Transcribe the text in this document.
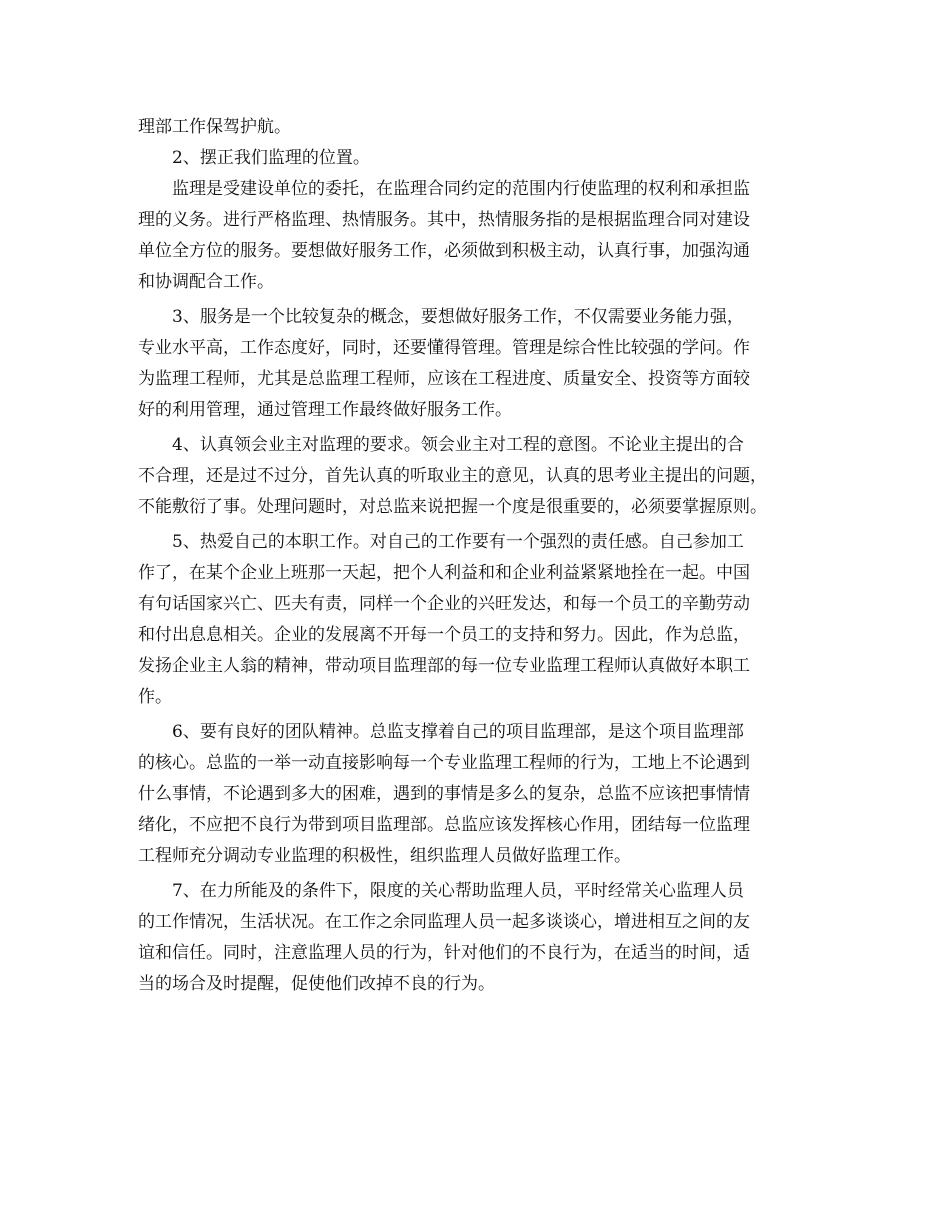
理部工作保驾护航。
2、摆正我们监理的位置。
监理是受建设单位的委托，在监理合同约定的范围内行使监理的权利和承担监
理的义务。进行严格监理、热情服务。其中，热情服务指的是根据监理合同对建设
单位全方位的服务。要想做好服务工作，必须做到积极主动，认真行事，加强沟通
和协调配合工作。
3、服务是一个比较复杂的概念，要想做好服务工作，不仅需要业务能力强，
专业水平高，工作态度好，同时，还要懂得管理。管理是综合性比较强的学问。作
为监理工程师，尤其是总监理工程师，应该在工程进度、质量安全、投资等方面较
好的利用管理，通过管理工作最终做好服务工作。
4、认真领会业主对监理的要求。领会业主对工程的意图。不论业主提出的合
不合理，还是过不过分，首先认真的听取业主的意见，认真的思考业主提出的问题，
不能敷衍了事。处理问题时，对总监来说把握一个度是很重要的，必须要掌握原则。
5、热爱自己的本职工作。对自己的工作要有一个强烈的责任感。自己参加工
作了，在某个企业上班那一天起，把个人利益和和企业利益紧紧地拴在一起。中国
有句话国家兴亡、匹夫有责，同样一个企业的兴旺发达，和每一个员工的辛勤劳动
和付出息息相关。企业的发展离不开每一个员工的支持和努力。因此，作为总监，
发扬企业主人翁的精神，带动项目监理部的每一位专业监理工程师认真做好本职工
作。
6、要有良好的团队精神。总监支撑着自己的项目监理部，是这个项目监理部
的核心。总监的一举一动直接影响每一个专业监理工程师的行为，工地上不论遇到
什么事情，不论遇到多大的困难，遇到的事情是多么的复杂，总监不应该把事情情
绪化，不应把不良行为带到项目监理部。总监应该发挥核心作用，团结每一位监理
工程师充分调动专业监理的积极性，组织监理人员做好监理工作。
7、在力所能及的条件下，限度的关心帮助监理人员，平时经常关心监理人员
的工作情况，生活状况。在工作之余同监理人员一起多谈谈心，增进相互之间的友
谊和信任。同时，注意监理人员的行为，针对他们的不良行为，在适当的时间，适
当的场合及时提醒，促使他们改掉不良的行为。
